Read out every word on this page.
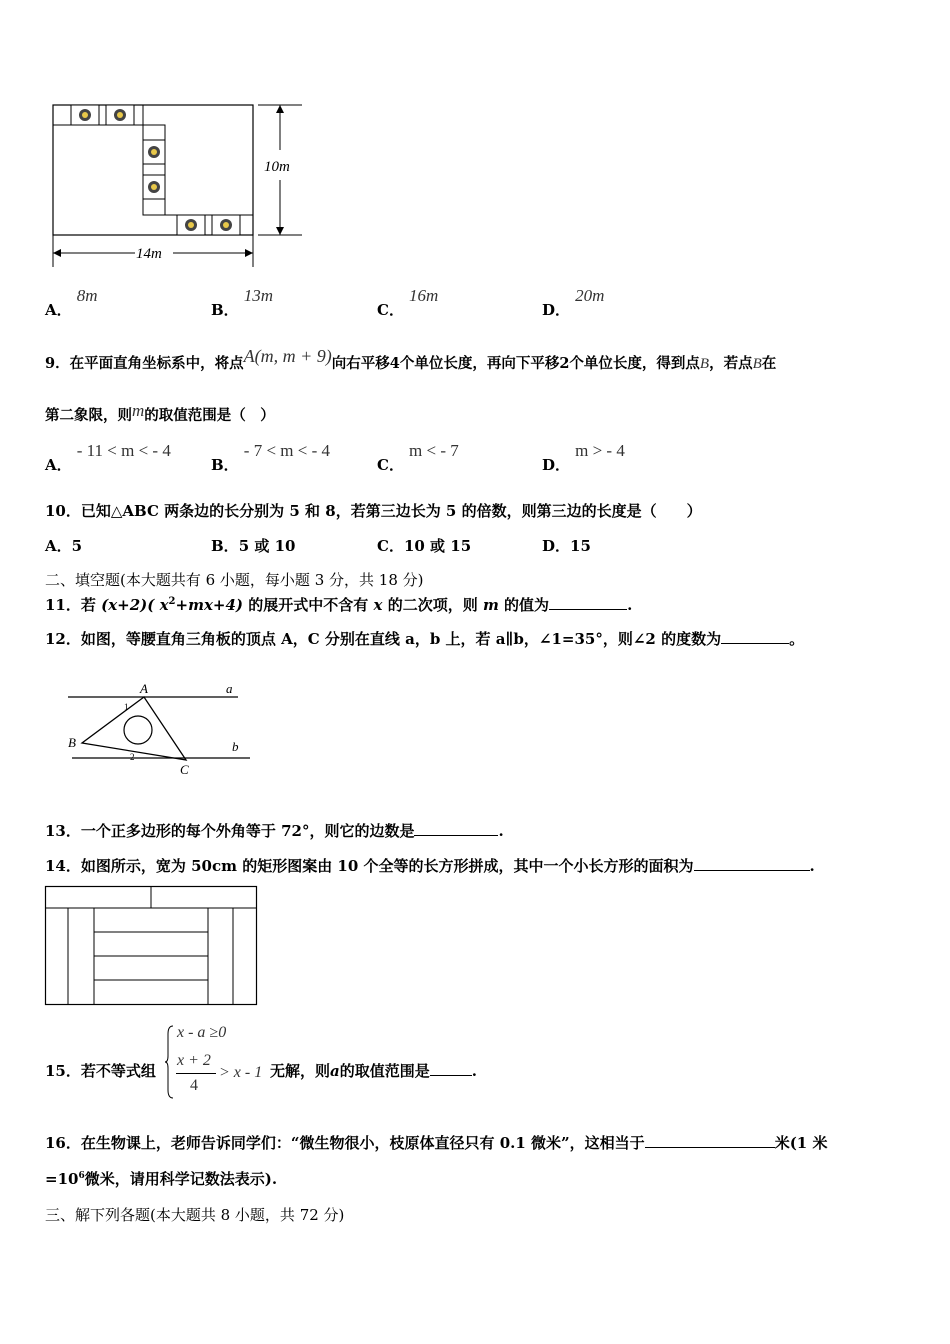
10m
14m
A． 8m
B． 13m
C． 16m
D． 20m
9．在平面直角坐标系中，将点A(m, m + 9)向右平移4个单位长度，再向下平移2个单位长度，得到点B，若点B在
第二象限，则m的取值范围是（　）
A． - 11 < m < - 4
B． - 7 < m < - 4
C． m < - 7
D． m > - 4
10．已知△ABC 两条边的长分别为 5 和 8，若第三边长为 5 的倍数，则第三边的长度是（　　）
A．5	B．5 或 10	C．10 或 15	D．15
二、填空题(本大题共有 6 小题，每小题 3 分，共 18 分)
11．若 (x+2)( $x^2+mx+4$) 的展开式中不含有 x 的二次项，则 m 的值为	.
12．如图，等腰直角三角板的顶点 A，C 分别在直线 a，b 上，若 a∥b，∠1=35°，则∠2 的度数为	。
A	a
B	b
C
1
2
13．一个正多边形的每个外角等于 72°，则它的边数是	.
14．如图所示，宽为 50cm 的矩形图案由 10 个全等的长方形拼成，其中一个小长方形的面积为	.
15．若不等式组
x - a ≥0
x + 2
4
> x - 1 无解，则a的取值范围是	.
16．在生物课上，老师告诉同学们：“微生物很小，枝原体直径只有 0.1 微米”，这相当于	米(1 米
$=10^6$微米，请用科学记数法表示).
三、解下列各题(本大题共 8 小题，共 72 分)
